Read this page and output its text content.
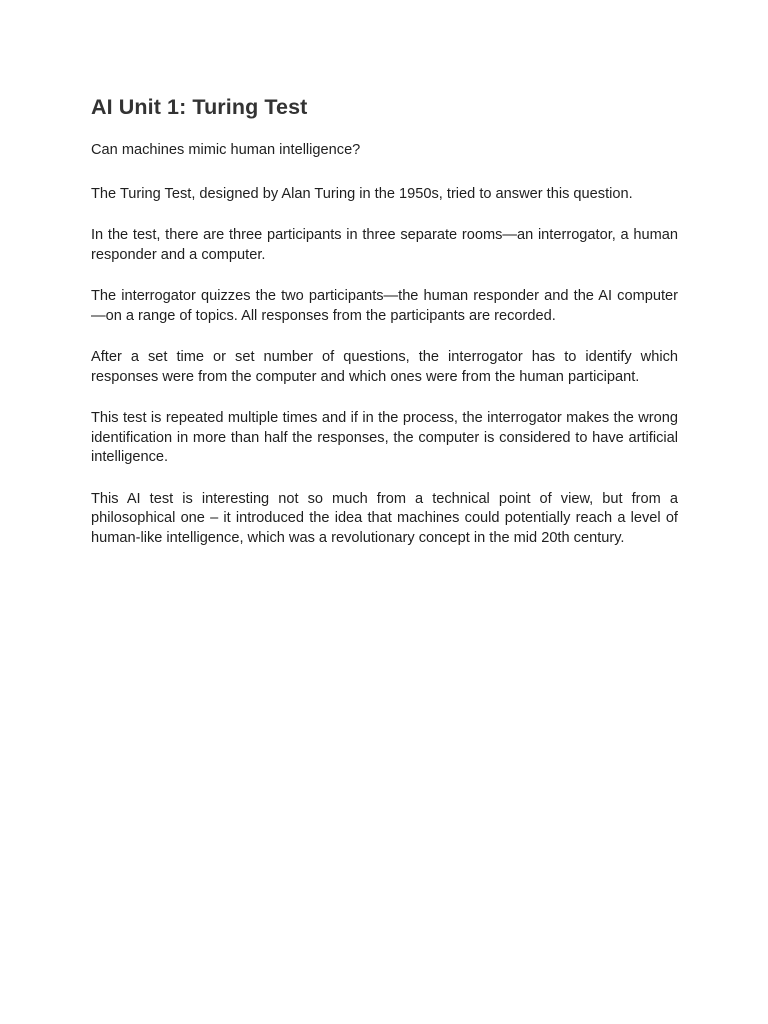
AI Unit 1: Turing Test

Can machines mimic human intelligence?

The Turing Test, designed by Alan Turing in the 1950s, tried to answer this question.

In the test, there are three participants in three separate rooms—an interrogator, a human responder and a computer.

The interrogator quizzes the two participants—the human responder and the AI computer—on a range of topics. All responses from the participants are recorded.

After a set time or set number of questions, the interrogator has to identify which responses were from the computer and which ones were from the human participant.

This test is repeated multiple times and if in the process, the interrogator makes the wrong identification in more than half the responses, the computer is considered to have artificial intelligence.

This AI test is interesting not so much from a technical point of view, but from a philosophical one – it introduced the idea that machines could potentially reach a level of human-like intelligence, which was a revolutionary concept in the mid 20th century.
